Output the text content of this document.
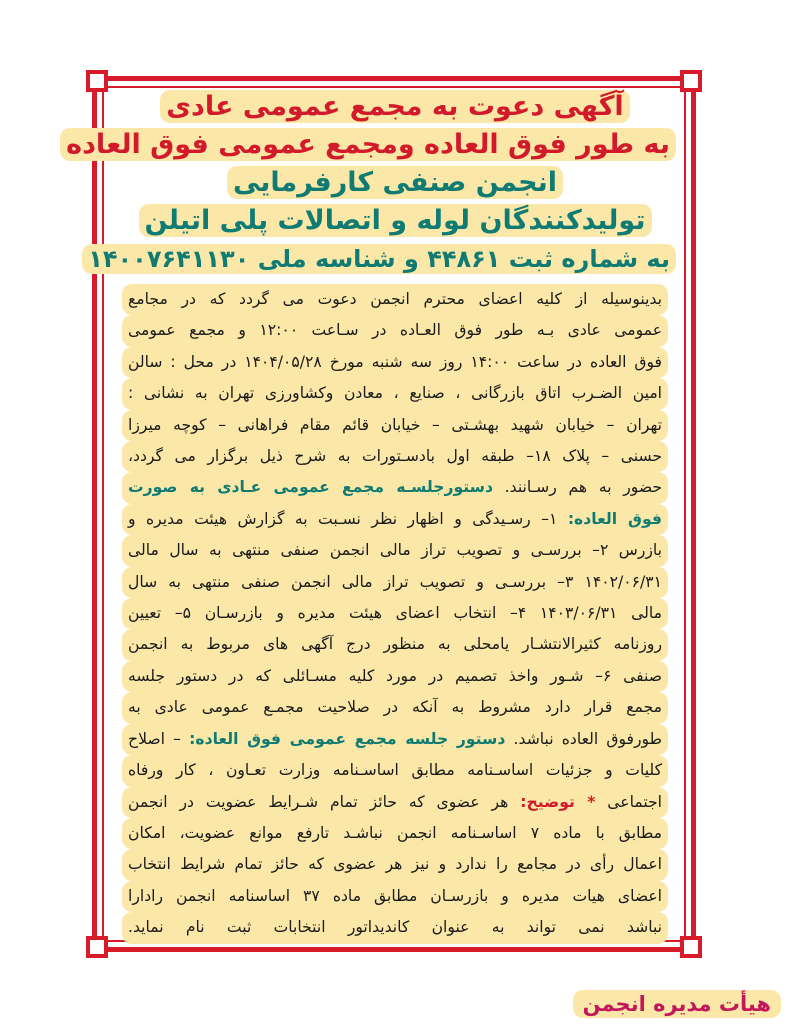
آگهی دعوت به مجمع عمومی عادی

به طور فوق العاده ومجمع عمومی فوق العاده

انجمن صنفی کارفرمایی

تولیدکنندگان لوله و اتصالات پلی اتیلن

به شماره ثبت ۴۴۸۶۱ و شناسه ملی ۱۴۰۰۷۶۴۱۱۳۰

بدینوسیله از کلیه اعضای محترم انجمن دعوت می گردد که در مجامع
عمومی عادی بـه طور فوق العـاده در سـاعت ۱۲:۰۰ و مجمع عمومی
فوق العاده در ساعت ۱۴:۰۰ روز سه شنبه مورخ ۱۴۰۴/۰۵/۲۸ در محل : سالن
امین الضـرب اتاق بازرگانی ، صنایع ، معادن وکشاورزی تهران به نشانی :
تهران – خیابان شهید بهشـتی – خیابان قائم مقام فراهانی – کوچه میرزا
حسنی – پلاک ۱۸– طبقه اول بادسـتورات به شرح ذیل برگزار می گردد،
حضور به هم رسـانند. دستورجلسـه مجمع عمومی عـادی به صورت
فوق العاده: ۱– رسـیدگی و اظهار نظر نسـبت به گزارش هیئت مدیره و
بازرس ۲– بررسـی و تصویب تراز مالی انجمن صنفی منتهی به سال مالی
۱۴۰۲/۰۶/۳۱ ۳– بررسـی و تصویب تراز مالی انجمن صنفی منتهی به سال
مالی ۱۴۰۳/۰۶/۳۱ ۴– انتخاب اعضای هیئت مدیره و بازرسـان ۵– تعیین
روزنامه کثیرالانتشـار یامحلی به منظور درج آگهی های مربوط به انجمن
صنفی ۶– شـور واخذ تصمیم در مورد کلیه مسـائلی که در دستور جلسه
مجمع قرار دارد مشروط به آنکه در صلاحیت مجمـع عمومی عادی به
طورفوق العاده نباشد. دستور جلسه مجمع عمومی فوق العاده: – اصلاح
کلیات و جزئیات اساسـنامه مطابق اساسـنامه وزارت تعـاون ، کار ورفاه
اجتماعی * توضیح: هر عضوی که حائز تمام شـرایط عضویت در انجمن
مطابق با ماده ۷ اساسـنامه انجمن نباشـد تارفع موانع عضویت، امکان
اعمال رأی در مجامع را ندارد و نیز هر عضوی که حائز تمام شرایط انتخاب
اعضای هیات مدیره و بازرسـان مطابق ماده ۳۷ اساسنامه انجمن رادارا
نباشد نمی تواند به عنوان کاندیداتور انتخابات ثبت نام نماید.
هیأت مدیره انجمن
